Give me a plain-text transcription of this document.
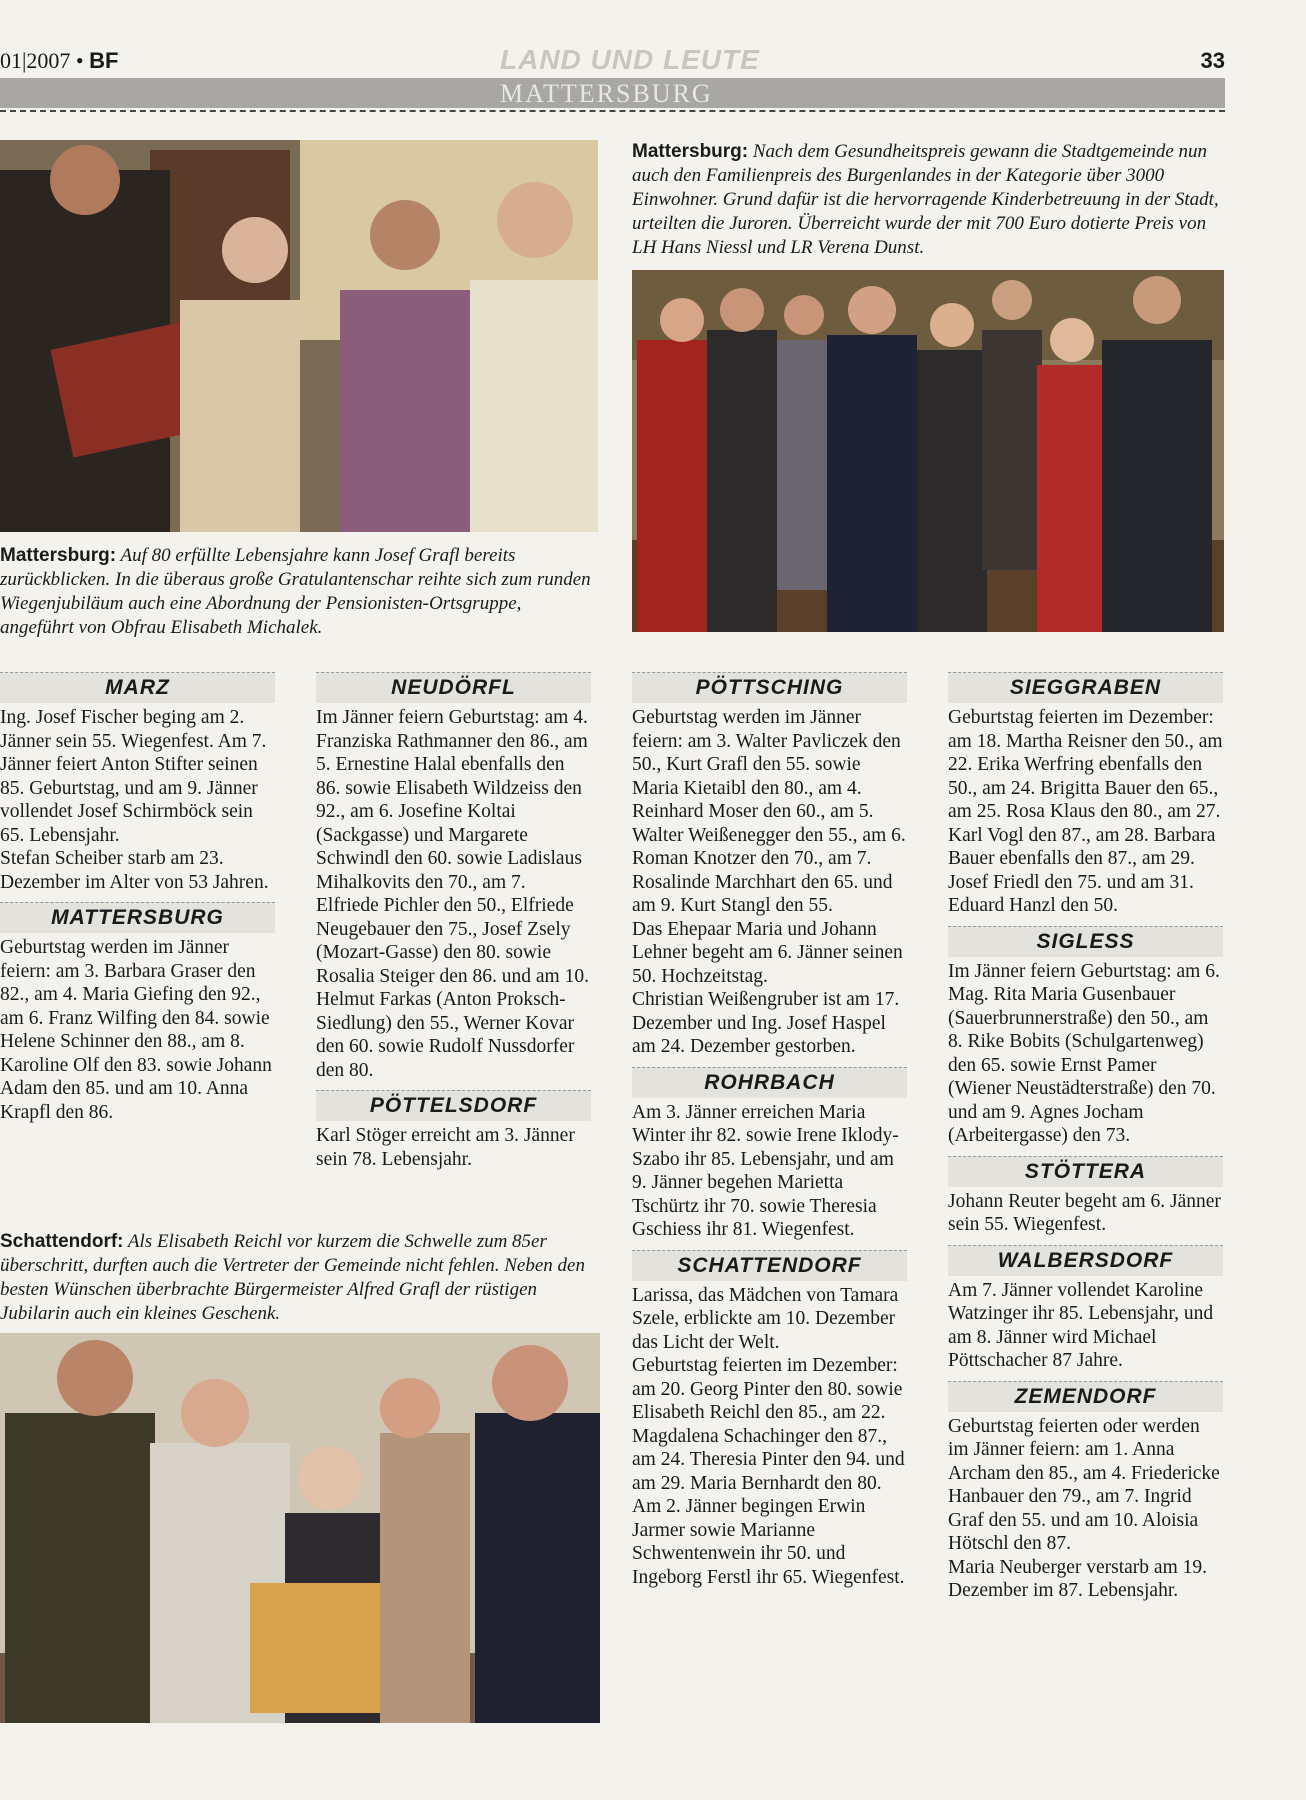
01|2007 • BF	LAND UND LEUTE	33
MATTERSBURG
Mattersburg: Nach dem Gesundheitspreis gewann die Stadtgemeinde nun auch den Familienpreis des Burgenlandes in der Kategorie über 3000 Einwohner. Grund dafür ist die hervorragende Kinderbetreuung in der Stadt, urteilten die Juroren. Überreicht wurde der mit 700 Euro dotierte Preis von LH Hans Niessl und LR Verena Dunst.
Mattersburg: Auf 80 erfüllte Lebensjahre kann Josef Grafl bereits zurückblicken. In die überaus große Gratulantenschar reihte sich zum runden Wiegenjubiläum auch eine Abordnung der Pensionisten-Ortsgruppe, angeführt von Obfrau Elisabeth Michalek.
MARZ
Ing. Josef Fischer beging am 2. Jänner sein 55. Wiegenfest. Am 7. Jänner feiert Anton Stifter seinen 85. Geburtstag, und am 9. Jänner vollendet Josef Schirmböck sein 65. Lebensjahr.
Stefan Scheiber starb am 23. Dezember im Alter von 53 Jahren.
MATTERSBURG
Geburtstag werden im Jänner feiern: am 3. Barbara Graser den 82., am 4. Maria Giefing den 92., am 6. Franz Wilfing den 84. sowie Helene Schinner den 88., am 8. Karoline Olf den 83. sowie Johann Adam den 85. und am 10. Anna Krapfl den 86.
NEUDÖRFL
Im Jänner feiern Geburtstag: am 4. Franziska Rathmanner den 86., am 5. Ernestine Halal ebenfalls den 86. sowie Elisabeth Wildzeiss den 92., am 6. Josefine Koltai (Sackgasse) und Margarete Schwindl den 60. sowie Ladislaus Mihalkovits den 70., am 7. Elfriede Pichler den 50., Elfriede Neugebauer den 75., Josef Zsely (Mozart-Gasse) den 80. sowie Rosalia Steiger den 86. und am 10. Helmut Farkas (Anton Proksch-Siedlung) den 55., Werner Kovar den 60. sowie Rudolf Nussdorfer den 80.
PÖTTELSDORF
Karl Stöger erreicht am 3. Jänner sein 78. Lebensjahr.
Schattendorf: Als Elisabeth Reichl vor kurzem die Schwelle zum 85er überschritt, durften auch die Vertreter der Gemeinde nicht fehlen. Neben den besten Wünschen überbrachte Bürgermeister Alfred Grafl der rüstigen Jubilarin auch ein kleines Geschenk.
PÖTTSCHING
Geburtstag werden im Jänner feiern: am 3. Walter Pavliczek den 50., Kurt Grafl den 55. sowie Maria Kietaibl den 80., am 4. Reinhard Moser den 60., am 5. Walter Weißenegger den 55., am 6. Roman Knotzer den 70., am 7. Rosalinde Marchhart den 65. und am 9. Kurt Stangl den 55.
Das Ehepaar Maria und Johann Lehner begeht am 6. Jänner seinen 50. Hochzeitstag.
Christian Weißengruber ist am 17. Dezember und Ing. Josef Haspel am 24. Dezember gestorben.
ROHRBACH
Am 3. Jänner erreichen Maria Winter ihr 82. sowie Irene Iklody-Szabo ihr 85. Lebensjahr, und am 9. Jänner begehen Marietta Tschürtz ihr 70. sowie Theresia Gschiess ihr 81. Wiegenfest.
SCHATTENDORF
Larissa, das Mädchen von Tamara Szele, erblickte am 10. Dezember das Licht der Welt.
Geburtstag feierten im Dezember: am 20. Georg Pinter den 80. sowie Elisabeth Reichl den 85., am 22. Magdalena Schachinger den 87., am 24. Theresia Pinter den 94. und am 29. Maria Bernhardt den 80.
Am 2. Jänner begingen Erwin Jarmer sowie Marianne Schwentenwein ihr 50. und Ingeborg Ferstl ihr 65. Wiegenfest.
SIEGGRABEN
Geburtstag feierten im Dezember: am 18. Martha Reisner den 50., am 22. Erika Werfring ebenfalls den 50., am 24. Brigitta Bauer den 65., am 25. Rosa Klaus den 80., am 27. Karl Vogl den 87., am 28. Barbara Bauer ebenfalls den 87., am 29. Josef Friedl den 75. und am 31. Eduard Hanzl den 50.
SIGLESS
Im Jänner feiern Geburtstag: am 6. Mag. Rita Maria Gusenbauer (Sauerbrunnerstraße) den 50., am 8. Rike Bobits (Schulgartenweg) den 65. sowie Ernst Pamer (Wiener Neustädterstraße) den 70. und am 9. Agnes Jocham (Arbeitergasse) den 73.
STÖTTERA
Johann Reuter begeht am 6. Jänner sein 55. Wiegenfest.
WALBERSDORF
Am 7. Jänner vollendet Karoline Watzinger ihr 85. Lebensjahr, und am 8. Jänner wird Michael Pöttschacher 87 Jahre.
ZEMENDORF
Geburtstag feierten oder werden im Jänner feiern: am 1. Anna Archam den 85., am 4. Friedericke Hanbauer den 79., am 7. Ingrid Graf den 55. und am 10. Aloisia Hötschl den 87.
Maria Neuberger verstarb am 19. Dezember im 87. Lebensjahr.
